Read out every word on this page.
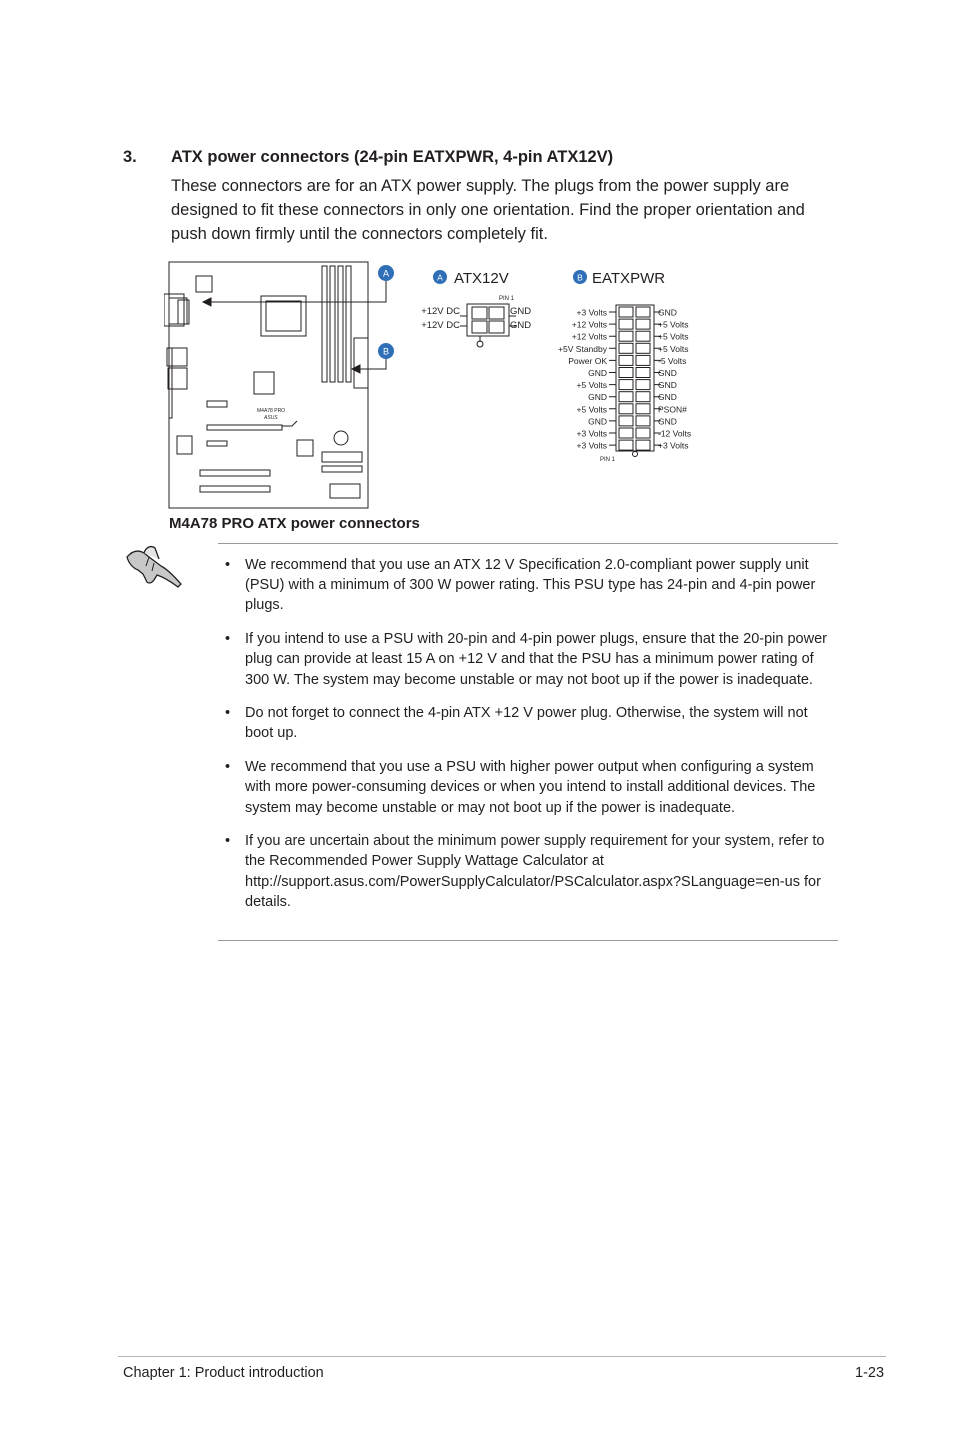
3. ATX power connectors (24-pin EATXPWR, 4-pin ATX12V)
These connectors are for an ATX power supply. The plugs from the power supply are designed to fit these connectors in only one orientation. Find the proper orientation and push down firmly until the connectors completely fit.
M4A78 PRO
ASUS
A
B
A ATX12V
PIN 1
+12V DC
+12V DC
GND
GND
B EATXPWR
PIN 1
+3 Volts	GND
+12 Volts	+5 Volts
+12 Volts	+5 Volts
+5V Standby	+5 Volts
Power OK	-5 Volts
GND	GND
+5 Volts	GND
GND	GND
+5 Volts	PSON#
GND	GND
+3 Volts	-12 Volts
+3 Volts	+3 Volts
M4A78 PRO ATX power connectors
• We recommend that you use an ATX 12 V Specification 2.0-compliant power supply unit (PSU) with a minimum of 300 W power rating. This PSU type has 24-pin and 4-pin power plugs.
• If you intend to use a PSU with 20-pin and 4-pin power plugs, ensure that the 20-pin power plug can provide at least 15 A on +12 V and that the PSU has a minimum power rating of 300 W. The system may become unstable or may not boot up if the power is inadequate.
• Do not forget to connect the 4-pin ATX +12 V power plug. Otherwise, the system will not boot up.
• We recommend that you use a PSU with higher power output when configuring a system with more power-consuming devices or when you intend to install additional devices. The system may become unstable or may not boot up if the power is inadequate.
• If you are uncertain about the minimum power supply requirement for your system, refer to the Recommended Power Supply Wattage Calculator at http://support.asus.com/PowerSupplyCalculator/PSCalculator.aspx?SLanguage=en-us for details.
Chapter 1: Product introduction	1-23
